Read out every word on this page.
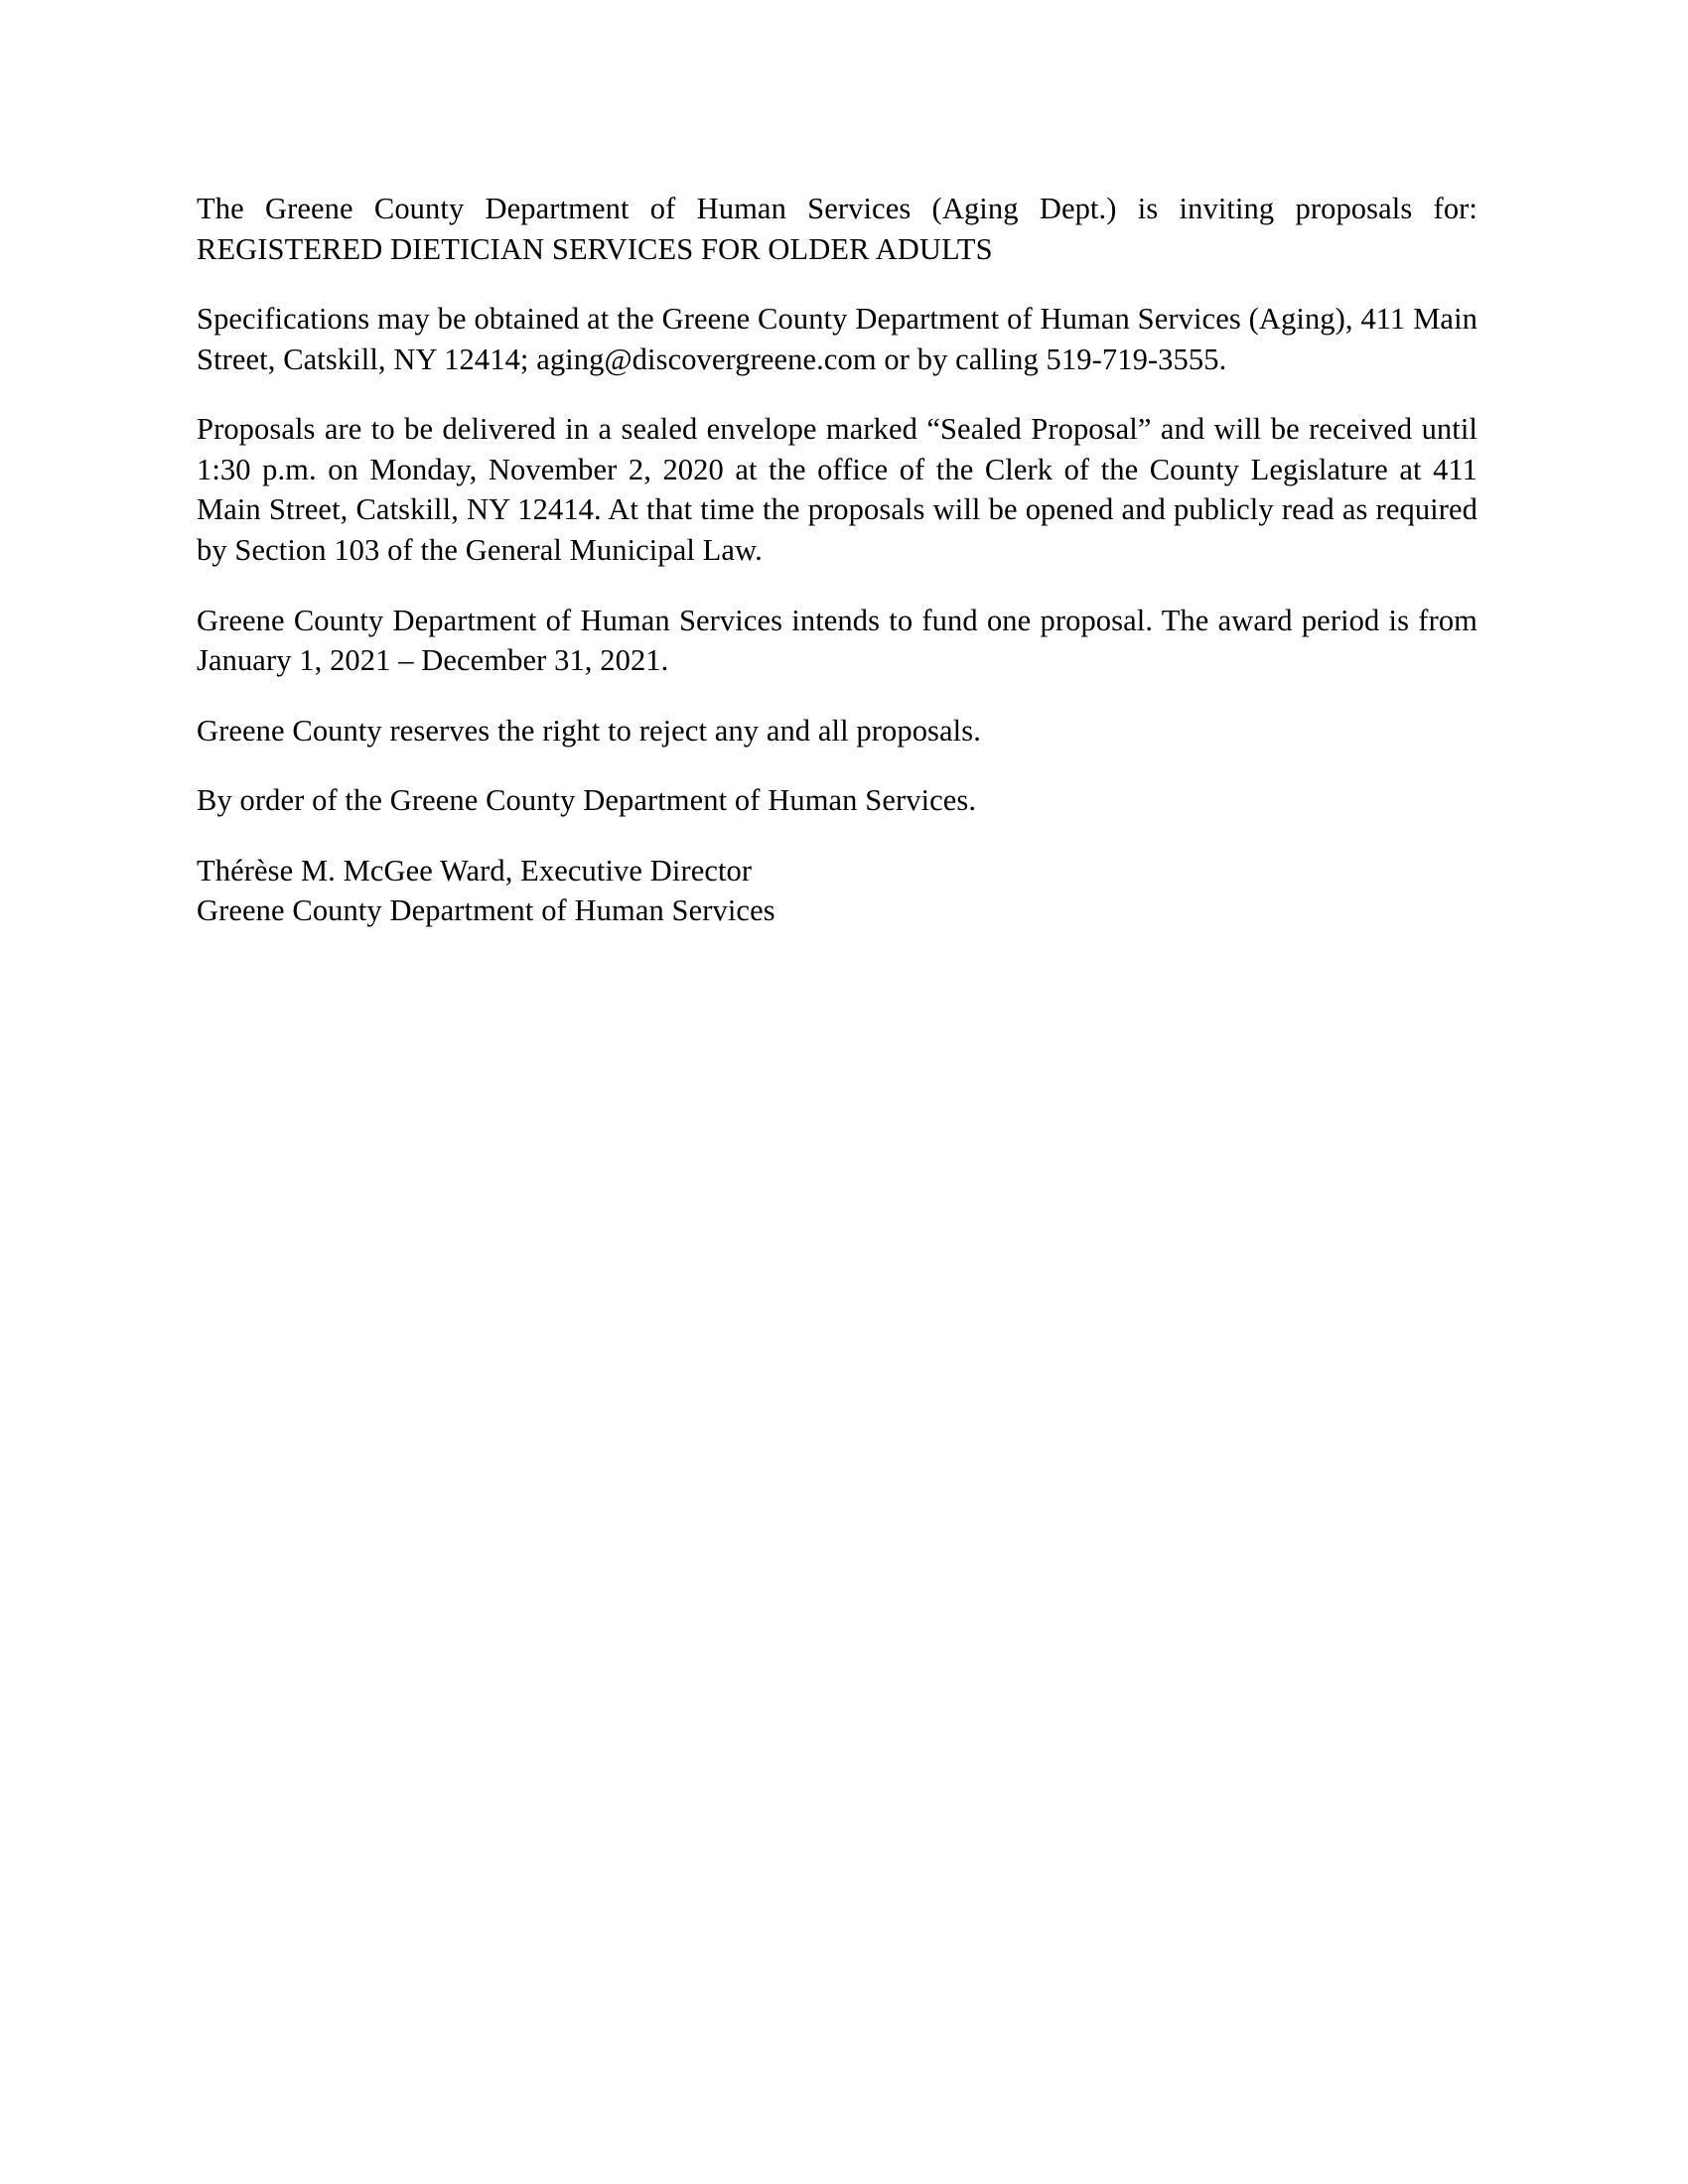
The Greene County Department of Human Services (Aging Dept.) is inviting proposals for: REGISTERED DIETICIAN SERVICES FOR OLDER ADULTS

Specifications may be obtained at the Greene County Department of Human Services (Aging), 411 Main Street, Catskill, NY 12414; aging@discovergreene.com or by calling 519-719-3555.

Proposals are to be delivered in a sealed envelope marked “Sealed Proposal” and will be received until 1:30 p.m. on Monday, November 2, 2020 at the office of the Clerk of the County Legislature at 411 Main Street, Catskill, NY 12414. At that time the proposals will be opened and publicly read as required by Section 103 of the General Municipal Law.

Greene County Department of Human Services intends to fund one proposal. The award period is from January 1, 2021 – December 31, 2021.

Greene County reserves the right to reject any and all proposals.

By order of the Greene County Department of Human Services.

Thérèse M. McGee Ward, Executive Director
Greene County Department of Human Services
